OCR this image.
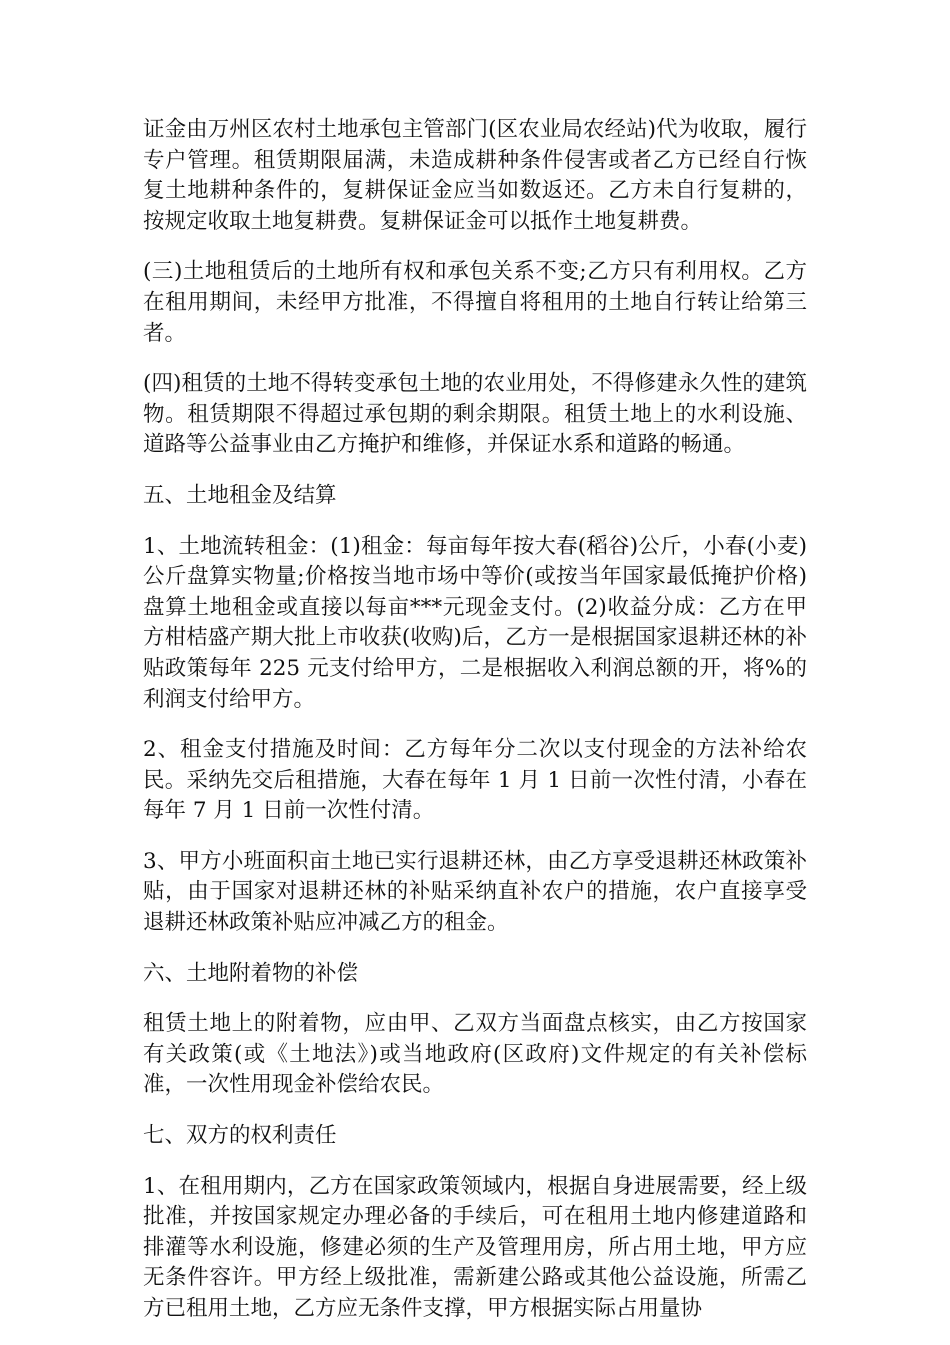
证金由万州区农村土地承包主管部门(区农业局农经站)代为收取，履行专户管理。租赁期限届满，未造成耕种条件侵害或者乙方已经自行恢复土地耕种条件的，复耕保证金应当如数返还。乙方未自行复耕的，按规定收取土地复耕费。复耕保证金可以抵作土地复耕费。

(三)土地租赁后的土地所有权和承包关系不变;乙方只有利用权。乙方在租用期间，未经甲方批准，不得擅自将租用的土地自行转让给第三者。

(四)租赁的土地不得转变承包土地的农业用处，不得修建永久性的建筑物。租赁期限不得超过承包期的剩余期限。租赁土地上的水利设施、道路等公益事业由乙方掩护和维修，并保证水系和道路的畅通。

五、土地租金及结算

1、土地流转租金：(1)租金：每亩每年按大春(稻谷)公斤，小春(小麦)公斤盘算实物量;价格按当地市场中等价(或按当年国家最低掩护价格)盘算土地租金或直接以每亩***元现金支付。(2)收益分成：乙方在甲方柑桔盛产期大批上市收获(收购)后，乙方一是根据国家退耕还林的补贴政策每年 225 元支付给甲方，二是根据收入利润总额的开，将%的利润支付给甲方。

2、租金支付措施及时间：乙方每年分二次以支付现金的方法补给农民。采纳先交后租措施，大春在每年 1 月 1 日前一次性付清，小春在每年 7 月 1 日前一次性付清。

3、甲方小班面积亩土地已实行退耕还林，由乙方享受退耕还林政策补贴，由于国家对退耕还林的补贴采纳直补农户的措施，农户直接享受退耕还林政策补贴应冲减乙方的租金。

六、土地附着物的补偿

租赁土地上的附着物，应由甲、乙双方当面盘点核实，由乙方按国家有关政策(或《土地法》)或当地政府(区政府)文件规定的有关补偿标准，一次性用现金补偿给农民。

七、双方的权利责任

1、在租用期内，乙方在国家政策领域内，根据自身进展需要，经上级批准，并按国家规定办理必备的手续后，可在租用土地内修建道路和排灌等水利设施，修建必须的生产及管理用房，所占用土地，甲方应无条件容许。甲方经上级批准，需新建公路或其他公益设施，所需乙方已租用土地，乙方应无条件支撑，甲方根据实际占用量协
